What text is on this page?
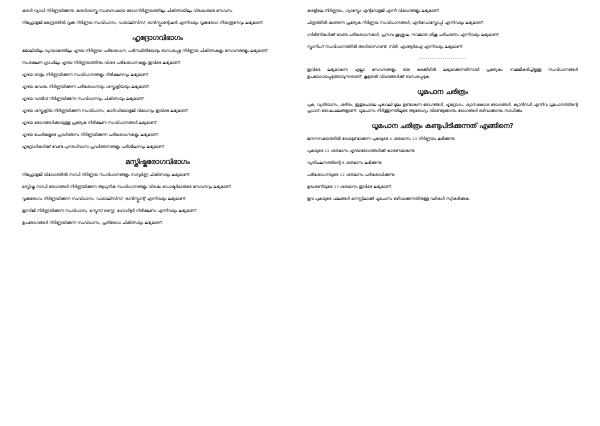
കരൾ വ്യാധി നിർണ്ണയിക്കുന്നു. കരൾശാസ്ത്ര സംബന്ധമായ രോഗനിർണ്ണയത്തിലും ചികിത്സയിലും വിദഗ്ദ്ധരുടെ സേവനം.

നീഫ്രോളജി കേന്ദ്രത്തിൽ വൃക്ക നിർണ്ണയ സംവിധാനം, ഡയാലിസിസ്, ട്രാൻസ്പ്ലാന്റേഷൻ എന്നിവയും വൃക്കരോഗ നിയന്ത്രണവും ലഭ്യമാണ്.

ഹൃദ്രോഗവിഭാഗം

ജോലിയിലും വ്യായാമത്തിലും ഹൃദയ നിർണ്ണയ പരിശോധന, പരിസ്ഥിതിയോടും ബന്ധപ്പെട്ട നിർണ്ണയ ചികിത്സകളും സേവനങ്ങളും ലഭ്യമാണ്.

സംരക്ഷണ ഗ്രാഫിലും ഹൃദയ നിർണ്ണയത്തിനും വിശദ പരിശോധനകളും ഇവിടെ ലഭ്യമാണ്.

ഹൃദയ താളം നിർണ്ണയിക്കുന്ന സംവിധാനങ്ങളും നിരീക്ഷണവും ലഭ്യമാണ്.

ഹൃദയ കവാടം നിർണ്ണയിക്കുന്ന പരിശോധനയും ശസ്ത്രക്രിയയും ലഭ്യമാണ്.

ഹൃദയ വാൽവ് നിർണ്ണയിക്കുന്ന സംവിധാനവും ചികിത്സയും ലഭ്യമാണ്.

ഹൃദയ ശസ്ത്രക്രിയ നിർണ്ണയിക്കുന്ന സംവിധാനം, കാർഡിയോളജി വിഭാഗവും ഇവിടെ ലഭ്യമാണ്.

ഹൃദയ രോഗങ്ങൾക്കായുള്ള പ്രത്യേക നിരീക്ഷണ സംവിധാനങ്ങൾ ലഭ്യമാണ്.

ഹൃദയ പേശികളുടെ പ്രവർത്തനം നിർണ്ണയിക്കുന്ന പരിശോധനകളും ലഭ്യമാണ്.

ഹൃദ്രോഗികൾക്ക് വേണ്ട പുനരധിവാസ പ്രവർത്തനങ്ങളും പരിശീലനവും ലഭ്യമാണ്.

മസ്തിഷ്കരോഗവിഭാഗം

നീഫ്രോളജി വിഭാഗത്തിൽ നാഡി നിർണ്ണയ സംവിധാനങ്ങളും സമ്പൂർണ്ണ ചികിത്സയും ലഭ്യമാണ്.

മസ്തിഷ്ക നാഡി രോഗങ്ങൾ നിർണ്ണയിക്കുന്ന ആധുനിക സംവിധാനങ്ങളും വിദഗ്ദ്ധ ഡോക്ടർമാരുടെ സേവനവും ലഭ്യമാണ്.

വൃക്കരോഗം നിർണ്ണയിക്കുന്ന സംവിധാനം, ഡയാലിസിസ്, ട്രാൻസ്പ്ലാന്റ് എന്നിവയും ലഭ്യമാണ്.

ഇസിജി നിർണ്ണയിക്കുന്ന സംവിധാനം, സ്ട്രെസ് ടെസ്റ്റ്, ഹോൾട്ടർ നിരീക്ഷണം എന്നിവയും ലഭ്യമാണ്.

ഉപരോഗങ്ങൾ നിർണ്ണയിക്കുന്ന സംവിധാനം, പ്രതിരോധ ചികിത്സയും ലഭ്യമാണ്.

കരളിലെ നിർണ്ണയം, ഗ്യാസ്ട്രോ എന്ററോളജി എന്നീ വിഭാഗങ്ങളും ലഭ്യമാണ്.

ചിത്രത്തിൽ കാണുന്ന പ്രത്യേക നിർണ്ണയ സംവിധാനങ്ങൾ, എൻഡോസ്കോപ്പി എന്നിവയും ലഭ്യമാണ്.

ഗർഭിണികൾക്ക് വേണ്ട പരിശോധനകൾ, പ്രസവ ശുശ്രൂഷ, നവജാത ശിശു പരിചരണം എന്നിവയും ലഭ്യമാണ്.

സ്കാനിംഗ് സംവിധാനത്തിൽ അൾട്രാസൗണ്ട്, സിടി, എംആർഐ എന്നിവയും ലഭ്യമാണ്.

......................

ഇവിടെ ലഭ്യമാകുന്ന എല്ലാ സേവനങ്ങളും ഒരു കുടക്കീഴിൽ ലഭ്യമാക്കുന്നതിനായി പ്രത്യേകം സജ്ജീകരിച്ചിട്ടുള്ള സംവിധാനങ്ങൾ ഉപയോഗപ്പെടുത്താവുന്നതാണ്. കൂടുതൽ വിവരങ്ങൾക്ക് ബന്ധപ്പെടുക.

ധൂമപാന ചരിത്രം

പുക, വ്യതിയാനം, ശരീരം, ഇതുപോലെ പുകവലി മൂലം ഉണ്ടാകുന്ന രോഗങ്ങൾ, ഹൃദ്രോഗം, ശ്വാസകോശ രോഗങ്ങൾ, ക്യാൻസർ എന്നിവ ധൂമപാനത്തിന്റെ പ്രധാന ദോഷഫലങ്ങളാണ്. ധൂമപാനം നിർത്തുന്നതിലൂടെ ആരോഗ്യം വീണ്ടെടുക്കാനും രോഗങ്ങൾ ഒഴിവാക്കാനും സാധിക്കും.

ധൂമപാന ചരിത്രം കണ്ടുപിടിക്കുന്നത് എങ്ങിനെ?

ജനനസമയത്തിൽ ദേഹമുണ്ടാക്കുന്ന പുകയുടെ 4 ശതമാനം 13 നിർണ്ണയം ലഭിക്കുന്നു.

പുകയുടെ 12 ശതമാനം ഹൃദയരോഗങ്ങൾക്ക് കാരണമാകുന്നു.

വ്യതിചലനത്തിന്റെ 8 ശതമാനം ലഭിക്കുന്നു.

പരിശോധനയുടെ 12 ശതമാനം പരിശോധിക്കുന്നു.

ഉദ്ധരണിയുടെ 17 ശതമാനം ഇവിടെ ലഭ്യമാണ്.

ഈ പുകയുടെ ഫലങ്ങൾ മനസ്സിലാക്കി ധൂമപാനം ഒഴിവാക്കുന്നതിനുള്ള വഴികൾ സ്വീകരിക്കുക.
